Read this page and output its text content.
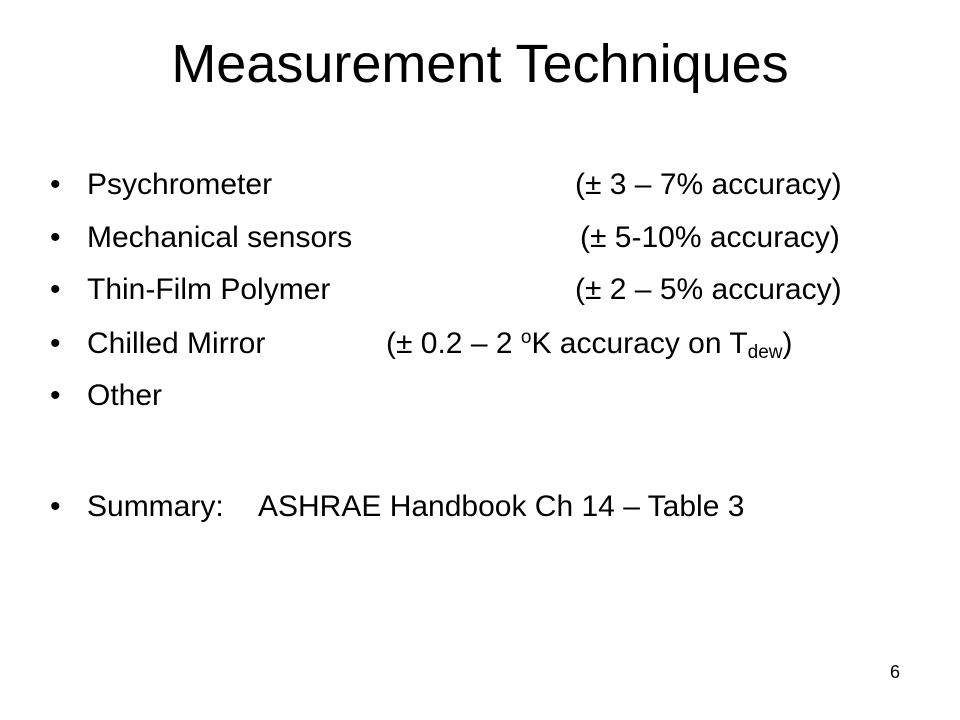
Measurement Techniques
• Psychrometer	(± 3 – 7% accuracy)
• Mechanical sensors	(± 5-10% accuracy)
• Thin-Film Polymer	(± 2 – 5% accuracy)
• Chilled Mirror	(± 0.2 – 2 $^o$K accuracy on $T_{dew}$)
• Other
• Summary: ASHRAE Handbook Ch 14 – Table 3
6
